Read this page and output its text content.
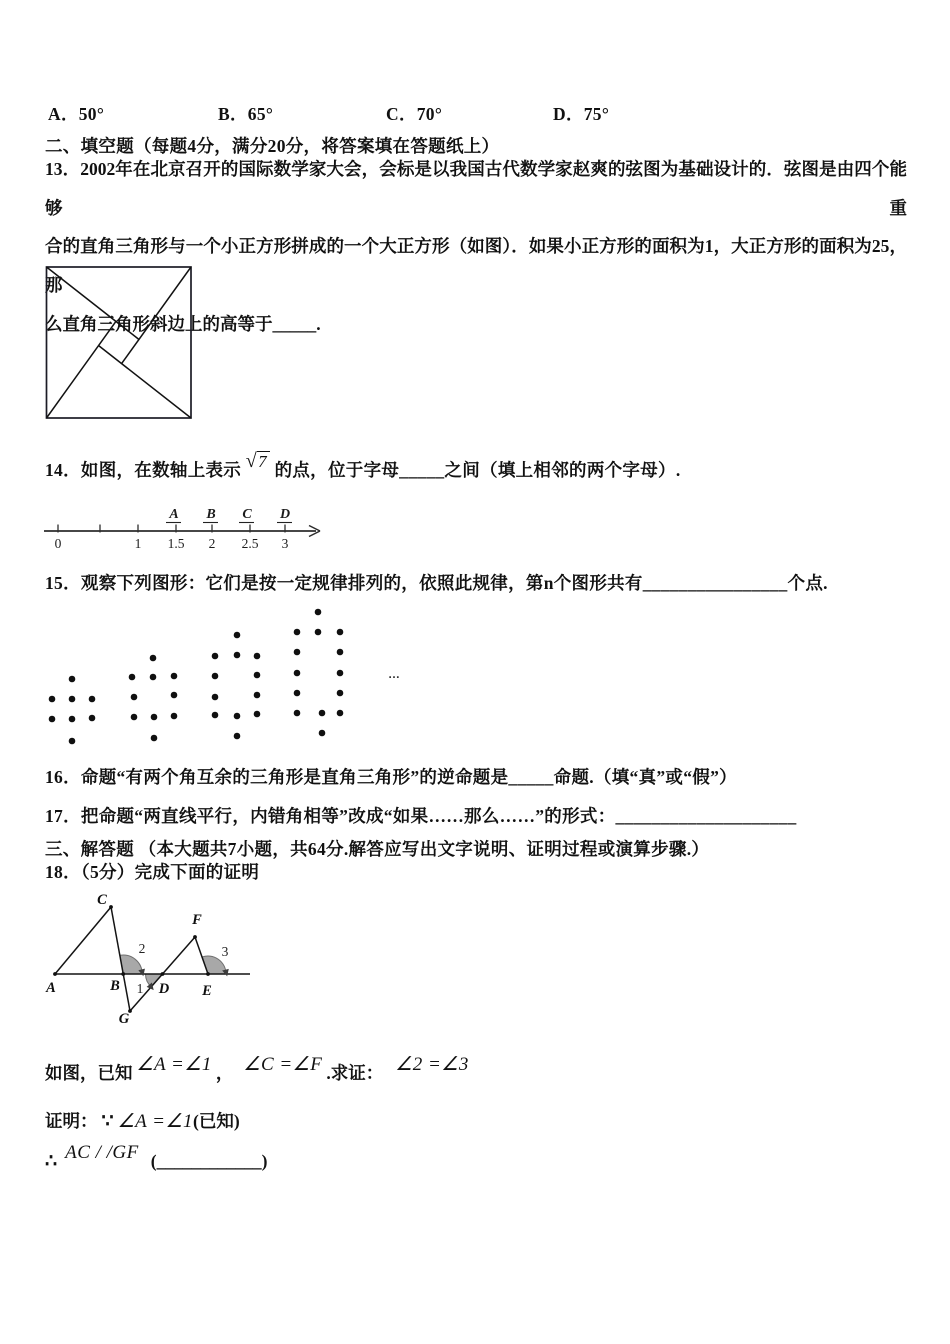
A．50°	B．65°	C．70°	D．75°
二、填空题（每题4分，满分20分，将答案填在答题纸上）
13．2002年在北京召开的国际数学家大会，会标是以我国古代数学家赵爽的弦图为基础设计的．弦图是由四个能够重
合的直角三角形与一个小正方形拼成的一个大正方形（如图）．如果小正方形的面积为1，大正方形的面积为25，那
么直角三角形斜边上的高等于_____.
14．如图，在数轴上表示 √7 的点，位于字母_____之间（填上相邻的两个字母）.
0	1 1.5 2 2.5 3
A B C D
15．观察下列图形：它们是按一定规律排列的，依照此规律，第n个图形共有________________个点.
…
16．命题“有两个角互余的三角形是直角三角形”的逆命题是_____命题.（填“真”或“假”）
17．把命题“两直线平行，内错角相等”改成“如果……那么……”的形式：____________________
三、解答题 （本大题共7小题，共64分.解答应写出文字说明、证明过程或演算步骤.）
18．（5分）完成下面的证明
A	B
C
D E
F
G
2
1
3
如图，已知 ∠A =∠1 ， ∠C =∠F .求证： ∠2 =∠3
证明： ∵ ∠A =∠1(已知)
∴ AC / /GF (____________)
